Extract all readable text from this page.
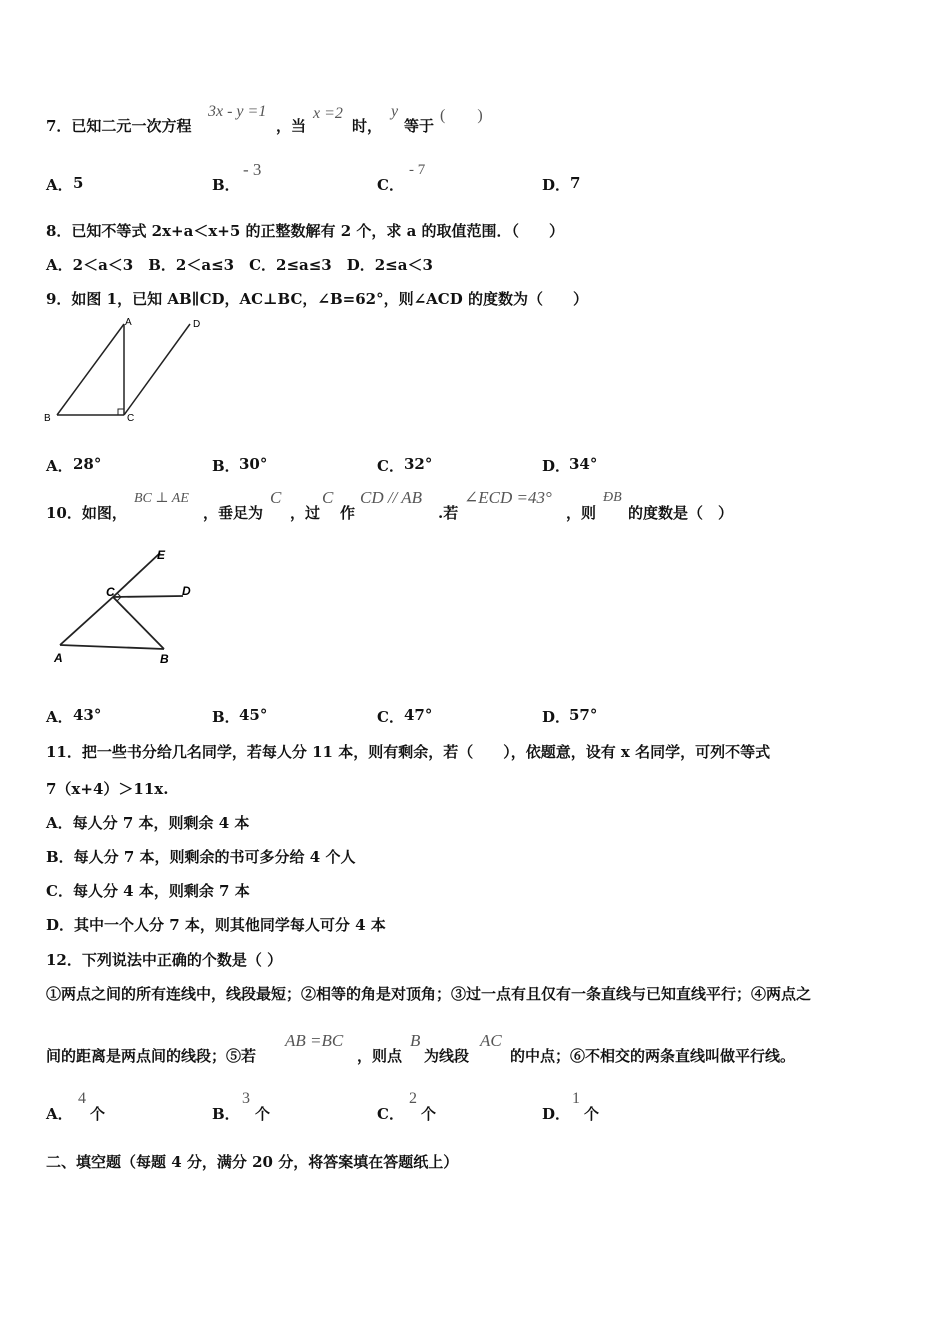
7．已知二元一次方程
3x - y =1
，当
x =2
时，
y
等于
(　　)
A． 5	B．
- 3
C．
- 7
D． 7
8．已知不等式 2x+a＜x+5 的正整数解有 2 个，求 a 的取值范围．（　　）
A．2＜a＜3　B．2＜a≤3　C．2≤a≤3　D．2≤a＜3
9．如图 1，已知 AB∥CD，AC⊥BC，∠B=62°，则∠ACD 的度数为（　　）
A
B	C
D
A． 28°	B． 30°	C． 32°	D．
34°
10．如图，
BC ⊥ AE
，垂足为
C
，过
C
作
CD // AB
.若
∠ECD =43°
，则
ÐB
的度数是（　）
E
C	D
A	B
A． 43°	B． 45°	C． 47°	D．
57°
11．把一些书分给几名同学，若每人分 11 本，则有剩余，若（　　），依题意，设有 x 名同学，可列不等式
7（x+4）＞11x.
A．每人分 7 本，则剩余 4 本
B．每人分 7 本，则剩余的书可多分给 4 个人
C．每人分 4 本，则剩余 7 本
D．其中一个人分 7 本，则其他同学每人可分 4 本
12．下列说法中正确的个数是（ ）
①两点之间的所有连线中，线段最短；②相等的角是对顶角；③过一点有且仅有一条直线与已知直线平行；④两点之
间的距离是两点间的线段；⑤若
AB =BC
，则点
B
为线段
AC
的中点；⑥不相交的两条直线叫做平行线。
A．
4
个	B．
3
个	C．
2
个	D．
1
个
二、填空题（每题 4 分，满分 20 分，将答案填在答题纸上）
